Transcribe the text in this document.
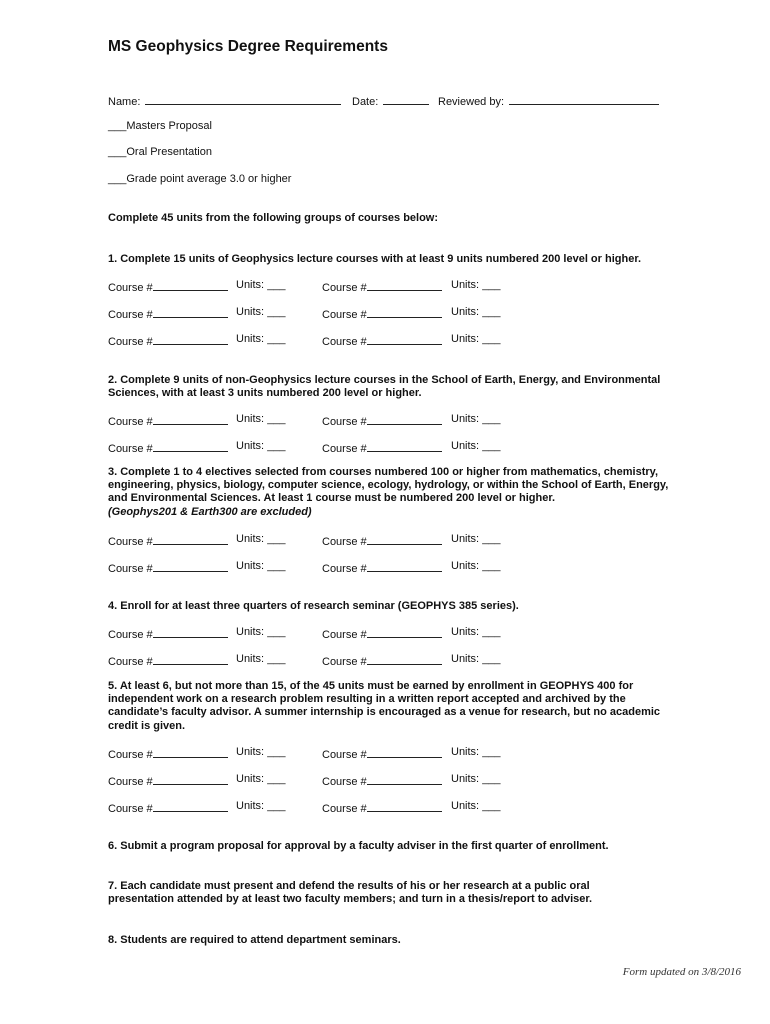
MS Geophysics Degree Requirements
Name:	Date:	Reviewed by:
___Masters Proposal
___Oral Presentation
___Grade point average 3.0 or higher
Complete 45 units from the following groups of courses below:
1. Complete 15 units of Geophysics lecture courses with at least 9 units numbered 200 level or higher.
Course #	Units: ___	Course #	Units: ___
Course #	Units: ___	Course #	Units: ___
Course #	Units: ___	Course #	Units: ___
2. Complete 9 units of non-Geophysics lecture courses in the School of Earth, Energy, and Environmental Sciences, with at least 3 units numbered 200 level or higher.
Course #	Units: ___	Course #	Units: ___
Course #	Units: ___	Course #	Units: ___
3. Complete 1 to 4 electives selected from courses numbered 100 or higher from mathematics, chemistry, engineering, physics, biology, computer science, ecology, hydrology, or within the School of Earth, Energy, and Environmental Sciences. At least 1 course must be numbered 200 level or higher.
(Geophys201 & Earth300 are excluded)
Course #	Units: ___	Course #	Units: ___
Course #	Units: ___	Course #	Units: ___
4. Enroll for at least three quarters of research seminar (GEOPHYS 385 series).
Course #	Units: ___	Course #	Units: ___
Course #	Units: ___	Course #	Units: ___
5. At least 6, but not more than 15, of the 45 units must be earned by enrollment in GEOPHYS 400 for independent work on a research problem resulting in a written report accepted and archived by the candidate’s faculty advisor. A summer internship is encouraged as a venue for research, but no academic credit is given.
Course #	Units: ___	Course #	Units: ___
Course #	Units: ___	Course #	Units: ___
Course #	Units: ___	Course #	Units: ___
6. Submit a program proposal for approval by a faculty adviser in the first quarter of enrollment.
7. Each candidate must present and defend the results of his or her research at a public oral presentation attended by at least two faculty members; and turn in a thesis/report to adviser.
8. Students are required to attend department seminars.
Form updated on 3/8/2016
